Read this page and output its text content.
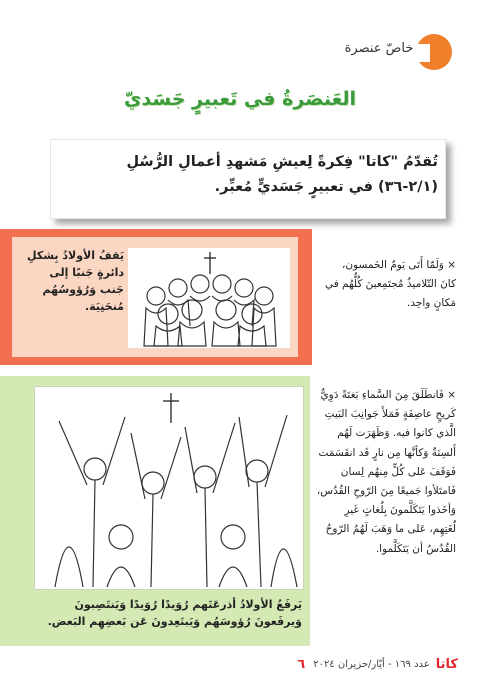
خاصّ عنصرة
العَنصَرةُ في تَعبيرٍ جَسَديّ
تُقدّمُ "كاتا" فِكرةً لِعيشِ مَشهدِ أعمالِ الرُّسُلِ (٢/١-٣٦) في تعبيرٍ جَسَديٍّ مُعبِّر.
يَقفُ الأولادُ بِشكلِ دائرةٍ جَنبًا إلى جَنب وَرُؤوسُهُم مُنحَنِيَة.
× وَلَمّا أَتَى يَومُ الخَمسون، كانَ التّلاميذُ مُجتَمِعينَ كُلُّهُم في مَكانٍ واحِد.
يَرفَعُ الأولادُ أذرعَتَهم رُوَيدًا رُوَيدًا وَيَنتَصِبونَ وَيرفَعونَ رُؤوسَهُم وَيَبتَعِدونَ عَن بَعضِهِم البَعض.
× فَانطَلَقَ مِنَ السَّماءِ بَغتَةً دَوِيٌّ كَريحٍ عاصِفَةٍ فَمَلأَ جَوانِبَ البَيتِ الَّذي كانوا فيه. وَظَهَرَت لَهُم أَلسِنَةٌ وَكأنَّها مِن نارٍ قَد انقَسَمَت فَوَقَفَ عَلى كُلٍّ مِنهُم لِسان فَامتَلأوا جَميعًا مِنَ الرّوحِ القُدُس، وَأخَذوا يَتَكَلَّمونَ بِلُغاتٍ غَيرِ لُغَتِهِم، عَلى ما وَهَبَ لَهُمُ الرّوحُ القُدُسُ أن يَتَكَلَّموا.
كاتا
عدد ١٦٩ - أيّار/حزيران ٢٠٢٤
٦
